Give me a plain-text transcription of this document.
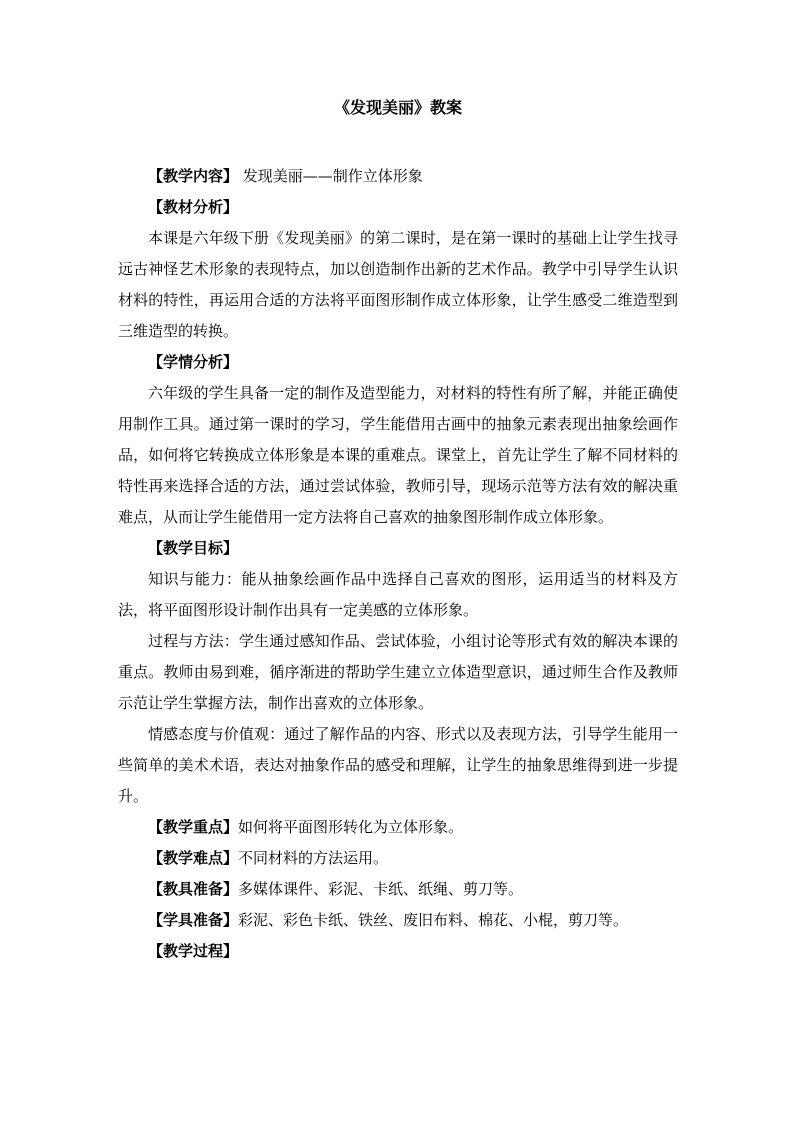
《发现美丽》教案

【教学内容】 发现美丽——制作立体形象

【教材分析】

本课是六年级下册《发现美丽》的第二课时，是在第一课时的基础上让学生找寻远古神怪艺术形象的表现特点，加以创造制作出新的艺术作品。教学中引导学生认识材料的特性，再运用合适的方法将平面图形制作成立体形象，让学生感受二维造型到三维造型的转换。

【学情分析】

六年级的学生具备一定的制作及造型能力，对材料的特性有所了解，并能正确使用制作工具。通过第一课时的学习，学生能借用古画中的抽象元素表现出抽象绘画作品，如何将它转换成立体形象是本课的重难点。课堂上，首先让学生了解不同材料的特性再来选择合适的方法，通过尝试体验，教师引导，现场示范等方法有效的解决重难点，从而让学生能借用一定方法将自己喜欢的抽象图形制作成立体形象。

【教学目标】

知识与能力：能从抽象绘画作品中选择自己喜欢的图形，运用适当的材料及方法，将平面图形设计制作出具有一定美感的立体形象。

过程与方法：学生通过感知作品、尝试体验，小组讨论等形式有效的解决本课的重点。教师由易到难，循序渐进的帮助学生建立立体造型意识，通过师生合作及教师示范让学生掌握方法，制作出喜欢的立体形象。

情感态度与价值观：通过了解作品的内容、形式以及表现方法，引导学生能用一些简单的美术术语，表达对抽象作品的感受和理解，让学生的抽象思维得到进一步提升。

【教学重点】如何将平面图形转化为立体形象。

【教学难点】不同材料的方法运用。

【教具准备】多媒体课件、彩泥、卡纸、纸绳、剪刀等。

【学具准备】彩泥、彩色卡纸、铁丝、废旧布料、棉花、小棍，剪刀等。

【教学过程】
